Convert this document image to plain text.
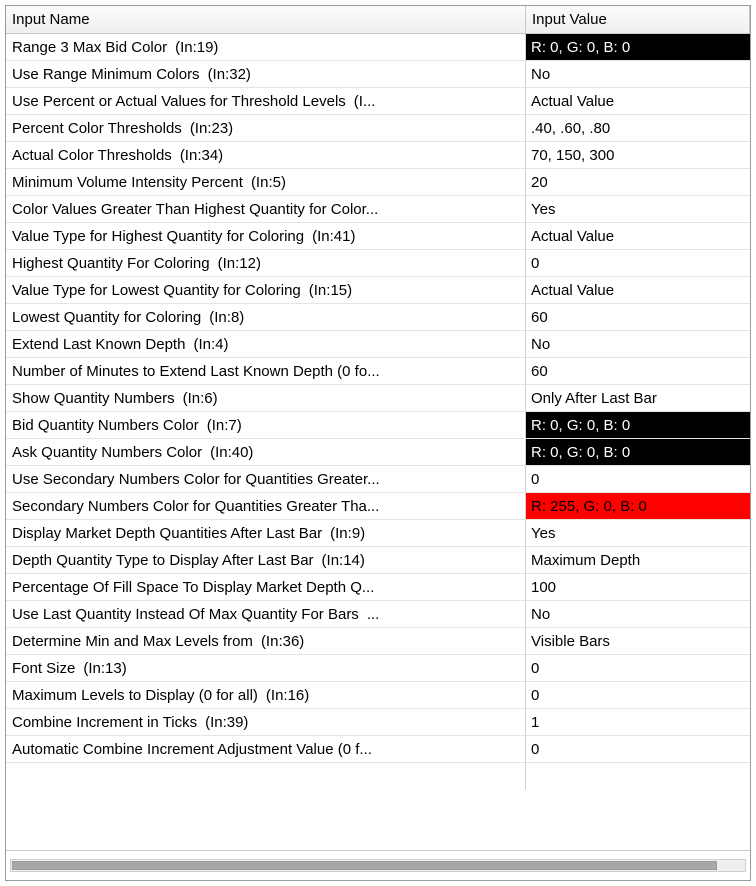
Input Name	Input Value
Range 3 Max Bid Color (In:19)	R: 0, G: 0, B: 0
Use Range Minimum Colors (In:32)	No
Use Percent or Actual Values for Threshold Levels (I...	Actual Value
Percent Color Thresholds (In:23)	.40, .60, .80
Actual Color Thresholds (In:34)	70, 150, 300
Minimum Volume Intensity Percent (In:5)	20
Color Values Greater Than Highest Quantity for Color...	Yes
Value Type for Highest Quantity for Coloring (In:41)	Actual Value
Highest Quantity For Coloring (In:12)	0
Value Type for Lowest Quantity for Coloring (In:15)	Actual Value
Lowest Quantity for Coloring (In:8)	60
Extend Last Known Depth (In:4)	No
Number of Minutes to Extend Last Known Depth (0 fo...	60
Show Quantity Numbers (In:6)	Only After Last Bar
Bid Quantity Numbers Color (In:7)	R: 0, G: 0, B: 0
Ask Quantity Numbers Color (In:40)	R: 0, G: 0, B: 0
Use Secondary Numbers Color for Quantities Greater...	0
Secondary Numbers Color for Quantities Greater Tha...	R: 255, G: 0, B: 0
Display Market Depth Quantities After Last Bar (In:9)	Yes
Depth Quantity Type to Display After Last Bar (In:14)	Maximum Depth
Percentage Of Fill Space To Display Market Depth Q...	100
Use Last Quantity Instead Of Max Quantity For Bars ...	No
Determine Min and Max Levels from (In:36)	Visible Bars
Font Size (In:13)	0
Maximum Levels to Display (0 for all) (In:16)	0
Combine Increment in Ticks (In:39)	1
Automatic Combine Increment Adjustment Value (0 f...	0
